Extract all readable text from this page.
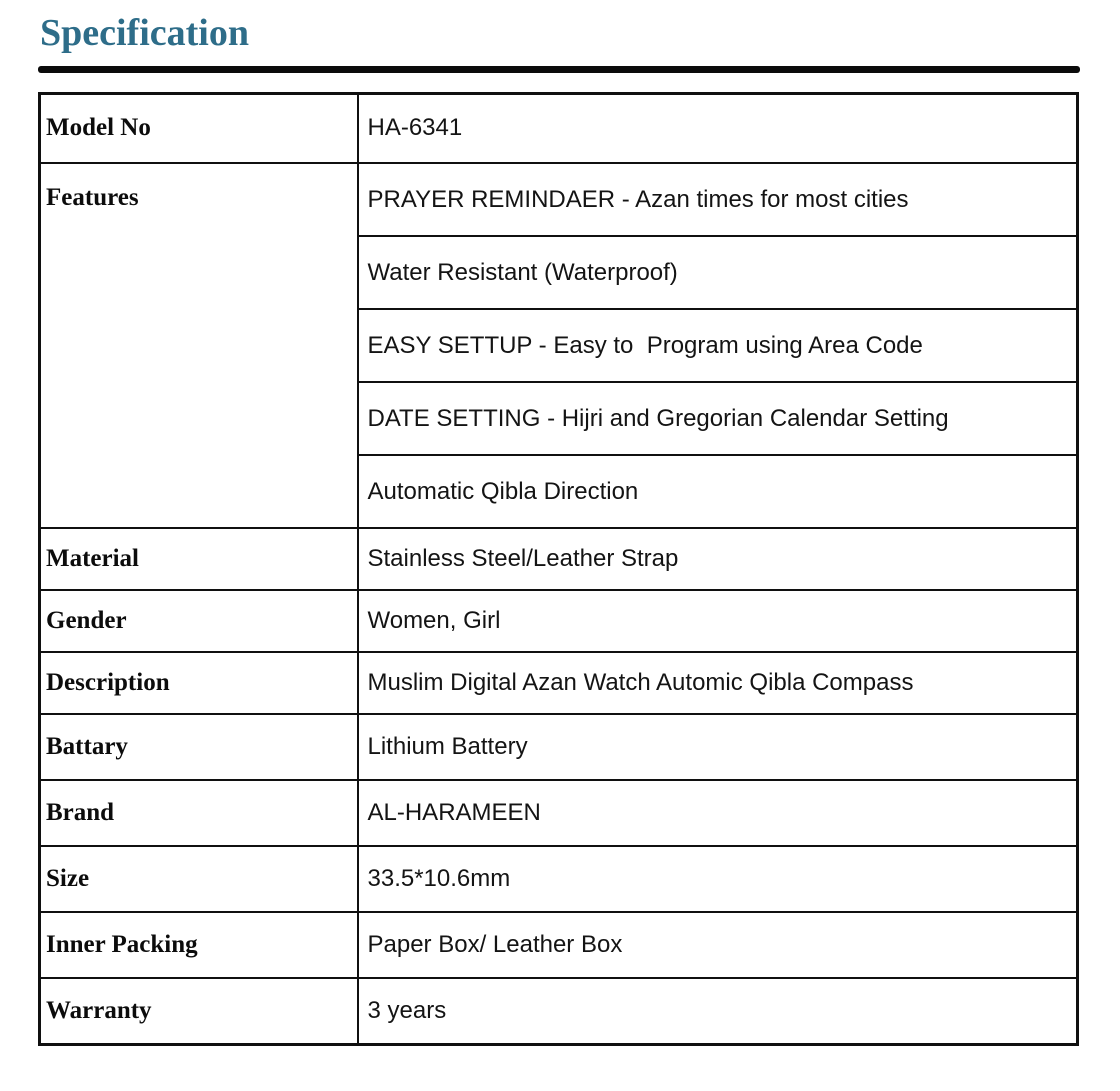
Specification
Model No	HA-6341
Features	PRAYER REMINDAER - Azan times for most cities
	Water Resistant (Waterproof)
	EASY SETTUP - Easy to  Program using Area Code
	DATE SETTING - Hijri and Gregorian Calendar Setting
	Automatic Qibla Direction
Material	Stainless Steel/Leather Strap
Gender	Women, Girl
Description	Muslim Digital Azan Watch Automic Qibla Compass
Battary	Lithium Battery
Brand	AL-HARAMEEN
Size	33.5*10.6mm
Inner Packing	Paper Box/ Leather Box
Warranty	3 years
